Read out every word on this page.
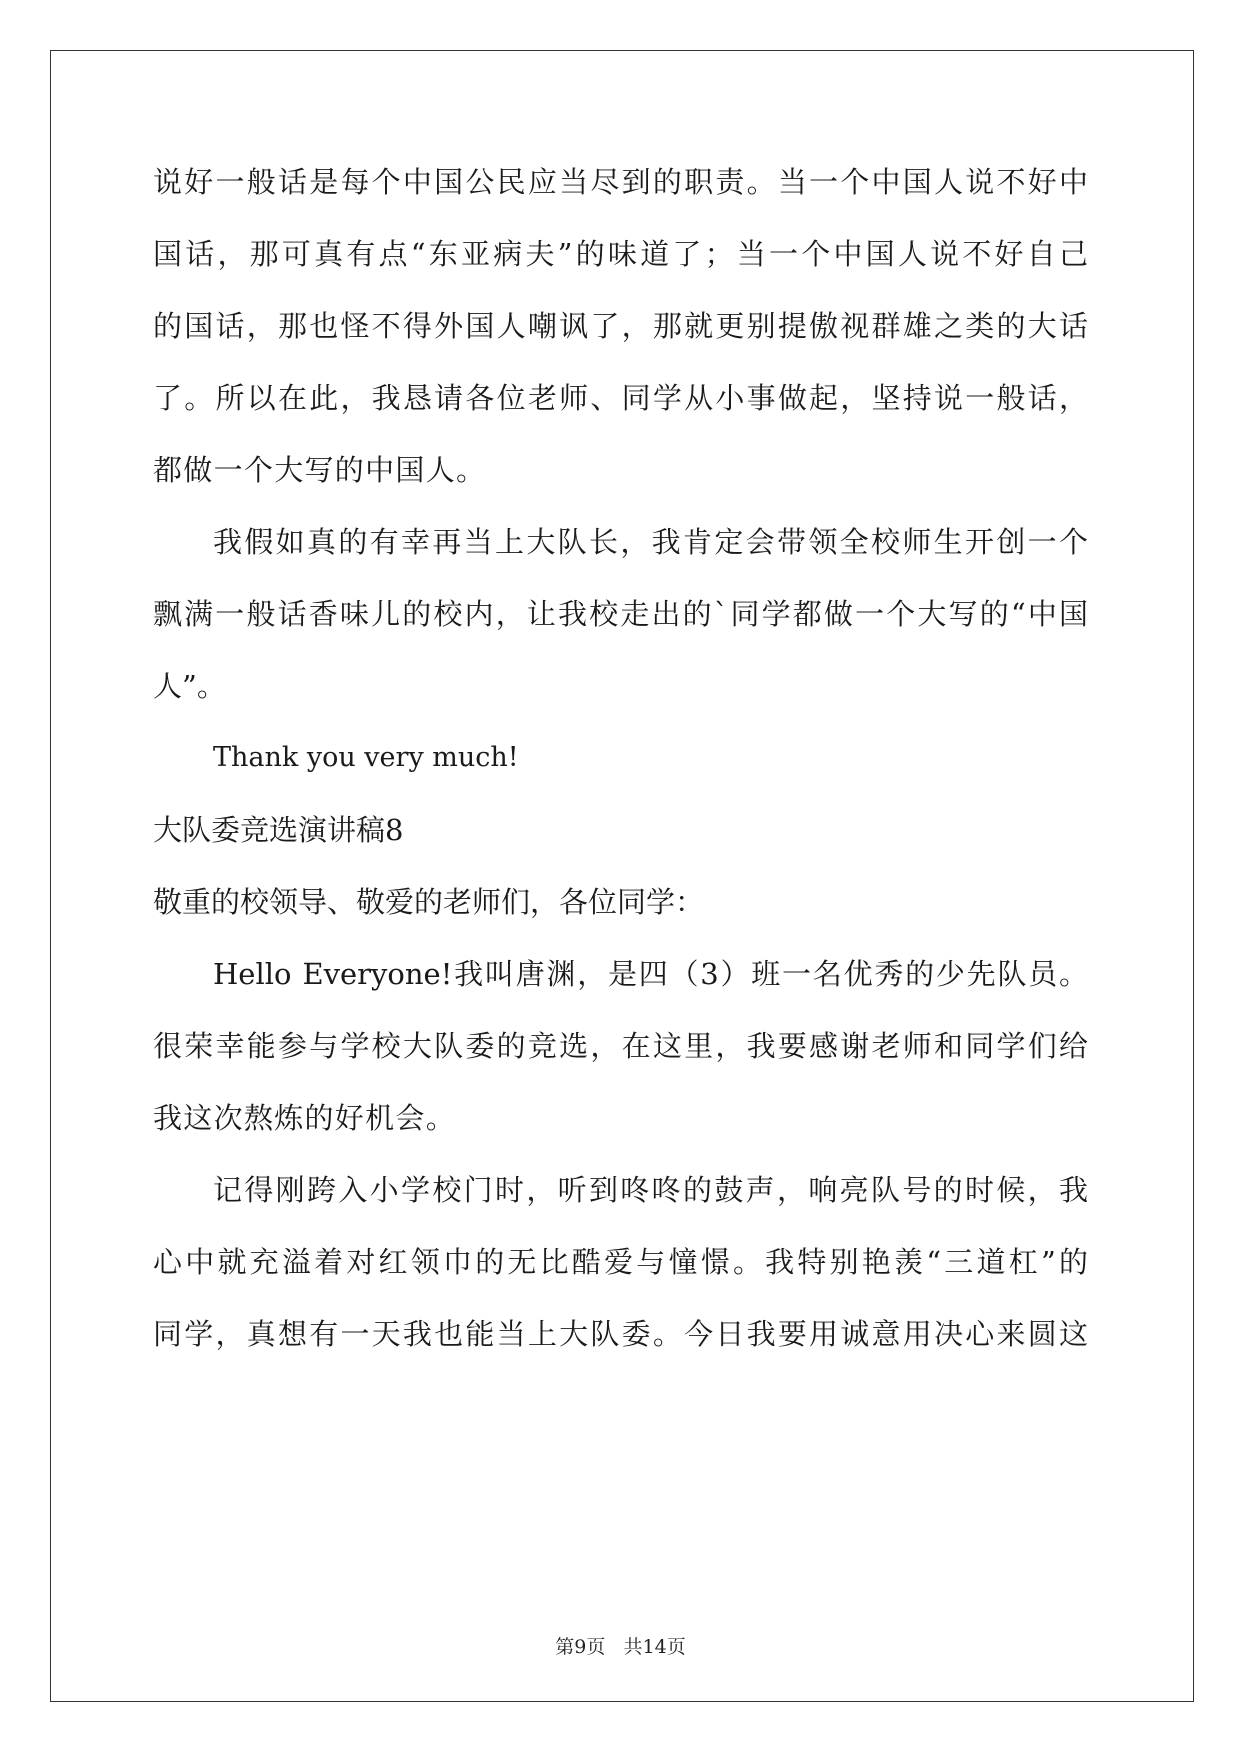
说好一般话是每个中国公民应当尽到的职责。当一个中国人说不好中
国话，那可真有点“东亚病夫”的味道了；当一个中国人说不好自己
的国话，那也怪不得外国人嘲讽了，那就更别提傲视群雄之类的大话
了。所以在此，我恳请各位老师、同学从小事做起，坚持说一般话，
都做一个大写的中国人。
我假如真的有幸再当上大队长，我肯定会带领全校师生开创一个
飘满一般话香味儿的校内，让我校走出的`同学都做一个大写的“中国
人”。
Thank you very much!
大队委竞选演讲稿8
敬重的校领导、敬爱的老师们，各位同学：
Hello Everyone!我叫唐渊，是四（3）班一名优秀的少先队员。
很荣幸能参与学校大队委的竞选，在这里，我要感谢老师和同学们给
我这次熬炼的好机会。
记得刚跨入小学校门时，听到咚咚的鼓声，响亮队号的时候，我
心中就充溢着对红领巾的无比酷爱与憧憬。我特别艳羡“三道杠”的
同学，真想有一天我也能当上大队委。今日我要用诚意用决心来圆这
第9页 共14页
